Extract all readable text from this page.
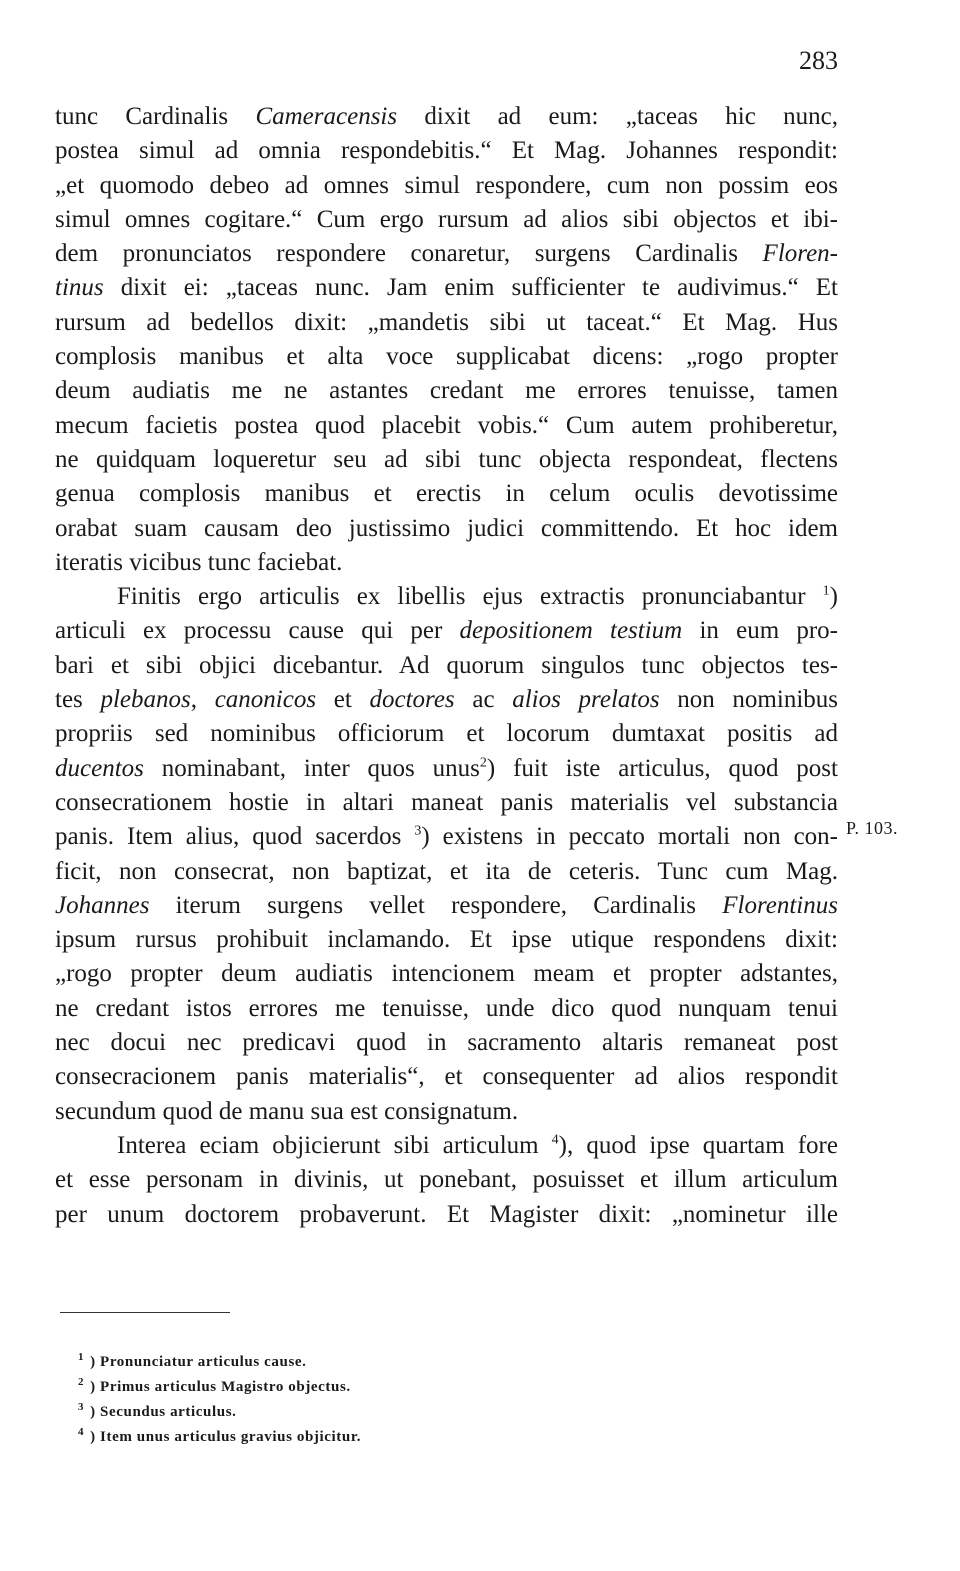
283
tunc Cardinalis Cameracensis dixit ad eum: „taceas hic nunc,
postea simul ad omnia respondebitis.“ Et Mag. Johannes respondit:
„et quomodo debeo ad omnes simul respondere, cum non possim eos
simul omnes cogitare.“ Cum ergo rursum ad alios sibi objectos et ibi-
dem pronunciatos respondere conaretur, surgens Cardinalis Floren-
tinus dixit ei: „taceas nunc. Jam enim sufficienter te audivimus.“ Et
rursum ad bedellos dixit: „mandetis sibi ut taceat.“ Et Mag. Hus
complosis manibus et alta voce supplicabat dicens: „rogo propter
deum audiatis me ne astantes credant me errores tenuisse, tamen
mecum facietis postea quod placebit vobis.“ Cum autem prohiberetur,
ne quidquam loqueretur seu ad sibi tunc objecta respondeat, flectens
genua complosis manibus et erectis in celum oculis devotissime
orabat suam causam deo justissimo judici committendo. Et hoc idem
iteratis vicibus tunc faciebat.
Finitis ergo articulis ex libellis ejus extractis pronunciabantur $^1$)
articuli ex processu cause qui per depositionem testium in eum pro-
bari et sibi objici dicebantur. Ad quorum singulos tunc objectos tes-
tes plebanos, canonicos et doctores ac alios prelatos non nominibus
propriis sed nominibus officiorum et locorum dumtaxat positis ad
ducentos nominabant, inter quos unus$^2$) fuit iste articulus, quod post
consecrationem hostie in altari maneat panis materialis vel substancia
panis. Item alius, quod sacerdos $^3$) existens in peccato mortali non con-
ficit, non consecrat, non baptizat, et ita de ceteris. Tunc cum Mag.
Johannes iterum surgens vellet respondere, Cardinalis Florentinus
ipsum rursus prohibuit inclamando. Et ipse utique respondens dixit:
„rogo propter deum audiatis intencionem meam et propter adstantes,
ne credant istos errores me tenuisse, unde dico quod nunquam tenui
nec docui nec predicavi quod in sacramento altaris remaneat post
consecracionem panis materialis“, et consequenter ad alios respondit
secundum quod de manu sua est consignatum.
Interea eciam objicierunt sibi articulum $^4$), quod ipse quartam fore
et esse personam in divinis, ut ponebant, posuisset et illum articulum
per unum doctorem probaverunt. Et Magister dixit: „nominetur ille
P. 103.
$^1$ ) Pronunciatur articulus cause.
$^2$ ) Primus articulus Magistro objectus.
$^3$ ) Secundus articulus.
$^4$ ) Item unus articulus gravius objicitur.
